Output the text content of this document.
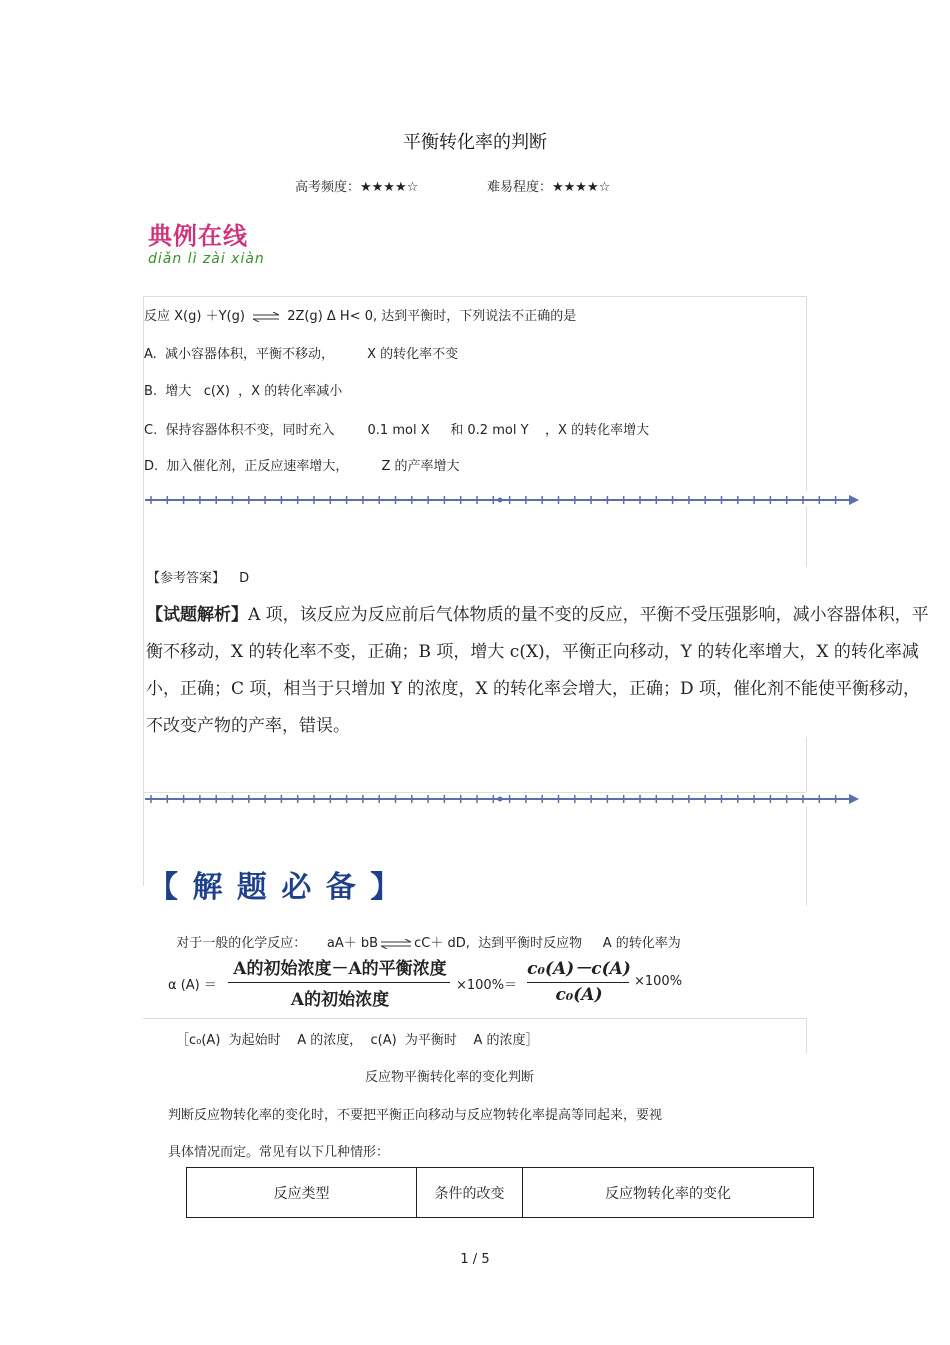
平衡转化率的判断
高考频度：★★★★☆	难易程度：★★★★☆
典例在线
diǎn lì zài xiàn
反应 X(g) ＋Y(g) ⇌ 2Z(g) Δ H< 0, 达到平衡时，下列说法不正确的是
A.  减小容器体积，平衡不移动，        X 的转化率不变
B.  增大   c(X)  ，X 的转化率减小
C.  保持容器体积不变，同时充入        0.1 mol X     和 0.2 mol Y    ，X 的转化率增大
D.  加入催化剂，正反应速率增大，        Z 的产率增大
【参考答案】 D
【试题解析】A 项，该反应为反应前后气体物质的量不变的反应，平衡不受压强影响，减小容器体积，平衡不移动，X 的转化率不变，正确；B 项，增大 c(X)，平衡正向移动，Y 的转化率增大，X 的转化率减小，正确；C 项，相当于只增加 Y 的浓度，X 的转化率会增大，正确；D 项，催化剂不能使平衡移动，不改变产物的产率，错误。
【 解 题 必 备 】

对于一般的化学反应：     aA＋ bB⇌cC＋ dD,  达到平衡时反应物     A 的转化率为

α (A) ＝
A的初始浓度－A的平衡浓度
A的初始浓度
×100%＝
c₀(A)－c(A)
c₀(A)
×100%
［c₀(A)  为起始时    A 的浓度，  c(A)  为平衡时    A 的浓度］
反应物平衡转化率的变化判断
判断反应物转化率的变化时，不要把平衡正向移动与反应物转化率提高等同起来，要视
具体情况而定。常见有以下几种情形：
反应类型	条件的改变	反应物转化率的变化
1 / 5
